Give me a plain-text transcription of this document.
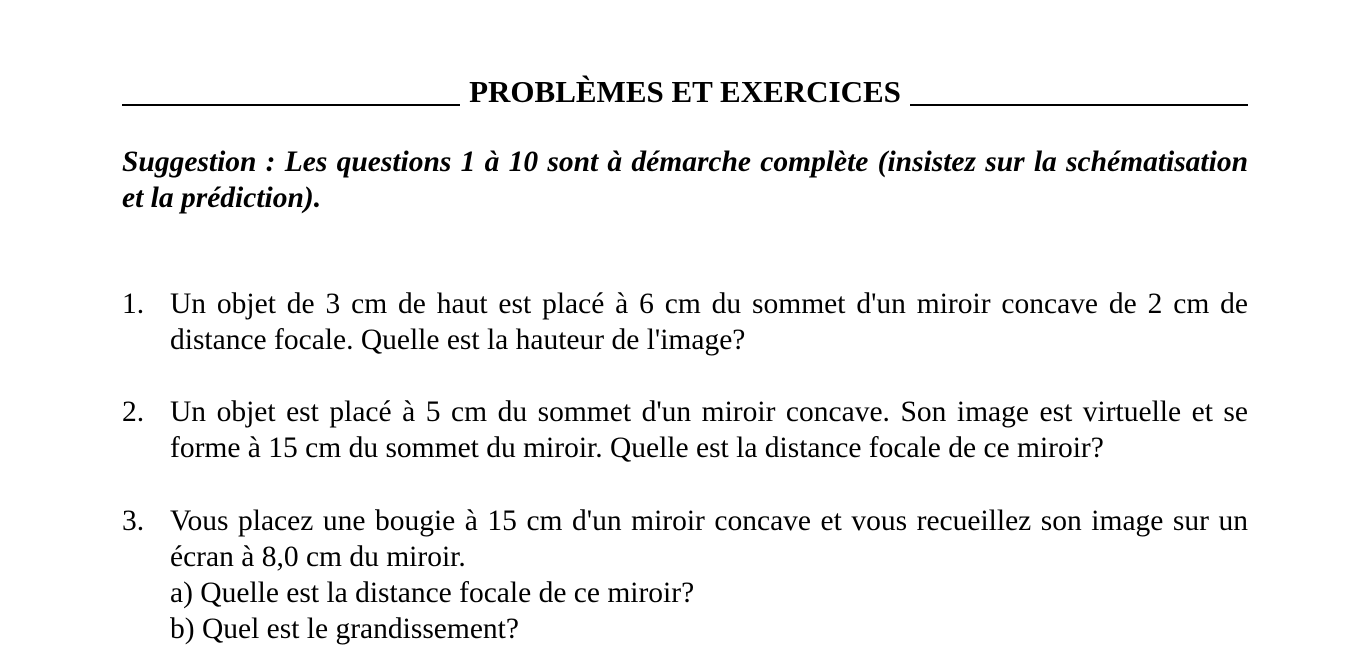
PROBLÈMES ET EXERCICES
Suggestion : Les questions 1 à 10 sont à démarche complète (insistez sur la schématisation et la prédiction).
1. Un objet de 3 cm de haut est placé à 6 cm du sommet d'un miroir concave de 2 cm de distance focale. Quelle est la hauteur de l'image?
2. Un objet est placé à 5 cm du sommet d'un miroir concave. Son image est virtuelle et se forme à 15 cm du sommet du miroir. Quelle est la distance focale de ce miroir?
3. Vous placez une bougie à 15 cm d'un miroir concave et vous recueillez son image sur un écran à 8,0 cm du miroir.
a) Quelle est la distance focale de ce miroir?
b) Quel est le grandissement?
